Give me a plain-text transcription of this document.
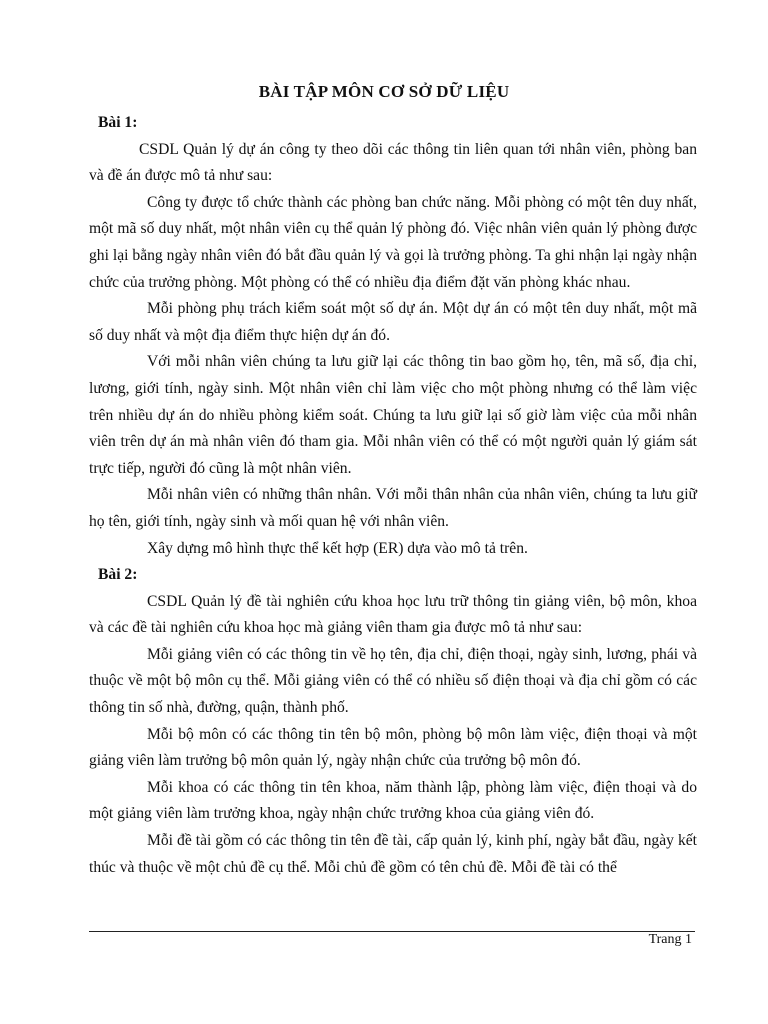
BÀI TẬP MÔN CƠ SỞ DỮ LIỆU

Bài 1:

CSDL Quản lý dự án công ty theo dõi các thông tin liên quan tới nhân viên, phòng ban và đề án được mô tả như sau:

Công ty được tổ chức thành các phòng ban chức năng. Mỗi phòng có một tên duy nhất, một mã số duy nhất, một nhân viên cụ thể quản lý phòng đó. Việc nhân viên quản lý phòng được ghi lại bằng ngày nhân viên đó bắt đầu quản lý và gọi là trưởng phòng. Ta ghi nhận lại ngày nhận chức của trưởng phòng. Một phòng có thể có nhiều địa điểm đặt văn phòng khác nhau.

Mỗi phòng phụ trách kiểm soát một số dự án. Một dự án có một tên duy nhất, một mã số duy nhất và một địa điểm thực hiện dự án đó.

Với mỗi nhân viên chúng ta lưu giữ lại các thông tin bao gồm họ, tên, mã số, địa chỉ, lương, giới tính, ngày sinh. Một nhân viên chỉ làm việc cho một phòng nhưng có thể làm việc trên nhiều dự án do nhiều phòng kiểm soát. Chúng ta lưu giữ lại số giờ làm việc của mỗi nhân viên trên dự án mà nhân viên đó tham gia. Mỗi nhân viên có thể có một người quản lý giám sát trực tiếp, người đó cũng là một nhân viên.

Mỗi nhân viên có những thân nhân. Với mỗi thân nhân của nhân viên, chúng ta lưu giữ họ tên, giới tính, ngày sinh và mối quan hệ với nhân viên.

Xây dựng mô hình thực thể kết hợp (ER) dựa vào mô tả trên.

Bài 2:

CSDL Quản lý đề tài nghiên cứu khoa học lưu trữ thông tin giảng viên, bộ môn, khoa và các đề tài nghiên cứu khoa học mà giảng viên tham gia được mô tả như sau:

Mỗi giảng viên có các thông tin về họ tên, địa chỉ, điện thoại, ngày sinh, lương, phái và thuộc về một bộ môn cụ thể. Mỗi giảng viên có thể có nhiều số điện thoại và địa chỉ gồm có các thông tin số nhà, đường, quận, thành phố.

Mỗi bộ môn có các thông tin tên bộ môn, phòng bộ môn làm việc, điện thoại và một giảng viên làm trưởng bộ môn quản lý, ngày nhận chức của trưởng bộ môn đó.

Mỗi khoa có các thông tin tên khoa, năm thành lập, phòng làm việc, điện thoại và do một giảng viên làm trưởng khoa, ngày nhận chức trưởng khoa của giảng viên đó.

Mỗi đề tài gồm có các thông tin tên đề tài, cấp quản lý, kinh phí, ngày bắt đầu, ngày kết thúc và thuộc về một chủ đề cụ thể. Mỗi chủ đề gồm có tên chủ đề. Mỗi đề tài có thể

Trang 1
